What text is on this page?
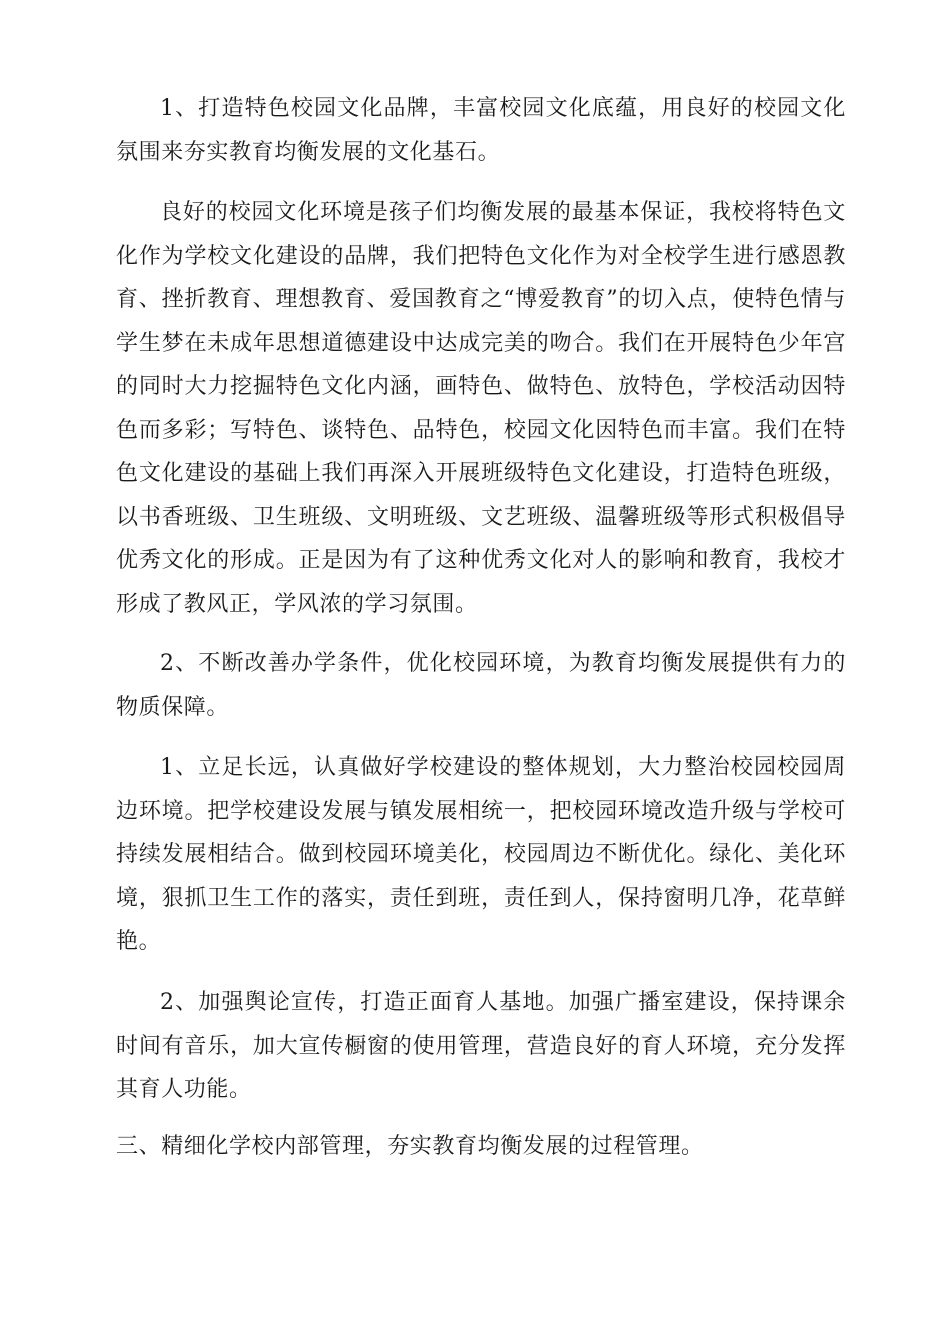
1、打造特色校园文化品牌，丰富校园文化底蕴，用良好的校园文化氛围来夯实教育均衡发展的文化基石。

良好的校园文化环境是孩子们均衡发展的最基本保证，我校将特色文化作为学校文化建设的品牌，我们把特色文化作为对全校学生进行感恩教育、挫折教育、理想教育、爱国教育之“博爱教育”的切入点，使特色情与学生梦在未成年思想道德建设中达成完美的吻合。我们在开展特色少年宫的同时大力挖掘特色文化内涵，画特色、做特色、放特色，学校活动因特色而多彩；写特色、谈特色、品特色，校园文化因特色而丰富。我们在特色文化建设的基础上我们再深入开展班级特色文化建设，打造特色班级，以书香班级、卫生班级、文明班级、文艺班级、温馨班级等形式积极倡导优秀文化的形成。正是因为有了这种优秀文化对人的影响和教育，我校才形成了教风正，学风浓的学习氛围。

2、不断改善办学条件，优化校园环境，为教育均衡发展提供有力的物质保障。

1、立足长远，认真做好学校建设的整体规划，大力整治校园校园周边环境。把学校建设发展与镇发展相统一，把校园环境改造升级与学校可持续发展相结合。做到校园环境美化，校园周边不断优化。绿化、美化环境，狠抓卫生工作的落实，责任到班，责任到人，保持窗明几净，花草鲜艳。

2、加强舆论宣传，打造正面育人基地。加强广播室建设，保持课余时间有音乐，加大宣传橱窗的使用管理，营造良好的育人环境，充分发挥其育人功能。

三、精细化学校内部管理，夯实教育均衡发展的过程管理。
